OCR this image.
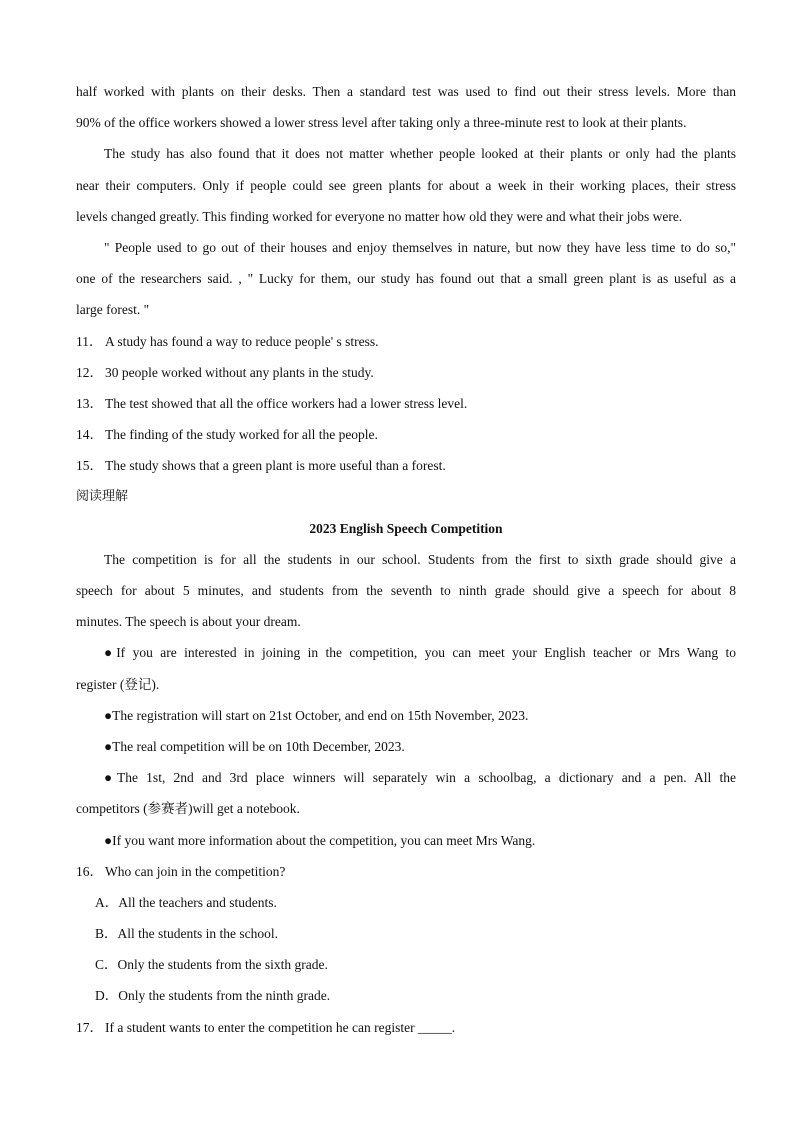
half worked with plants on their desks. Then a standard test was used to find out their stress levels. More than
90% of the office workers showed a lower stress level after taking only a three-minute rest to look at their plants.
The study has also found that it does not matter whether people looked at their plants or only had the plants
near their computers. Only if people could see green plants for about a week in their working places, their stress
levels changed greatly. This finding worked for everyone no matter how old they were and what their jobs were.
" People used to go out of their houses and enjoy themselves in nature, but now they have less time to do so,"
one of the researchers said. , " Lucky for them, our study has found out that a small green plant is as useful as a
large forest. "
11． A study has found a way to reduce people' s stress.
12． 30 people worked without any plants in the study.
13． The test showed that all the office workers had a lower stress level.
14． The finding of the study worked for all the people.
15． The study shows that a green plant is more useful than a forest.
阅读理解
2023 English Speech Competition
The competition is for all the students in our school. Students from the first to sixth grade should give a
speech for about 5 minutes, and students from the seventh to ninth grade should give a speech for about 8
minutes. The speech is about your dream.
●If you are interested in joining in the competition, you can meet your English teacher or Mrs Wang to
register (登记).
●The registration will start on 21st October, and end on 15th November, 2023.
●The real competition will be on 10th December, 2023.
●The 1st, 2nd and 3rd place winners will separately win a schoolbag, a dictionary and a pen. All the
competitors (参赛者)will get a notebook.
●If you want more information about the competition, you can meet Mrs Wang.
16． Who can join in the competition?
A．All the teachers and students.
B．All the students in the school.
C．Only the students from the sixth grade.
D．Only the students from the ninth grade.
17． If a student wants to enter the competition he can register _____.
